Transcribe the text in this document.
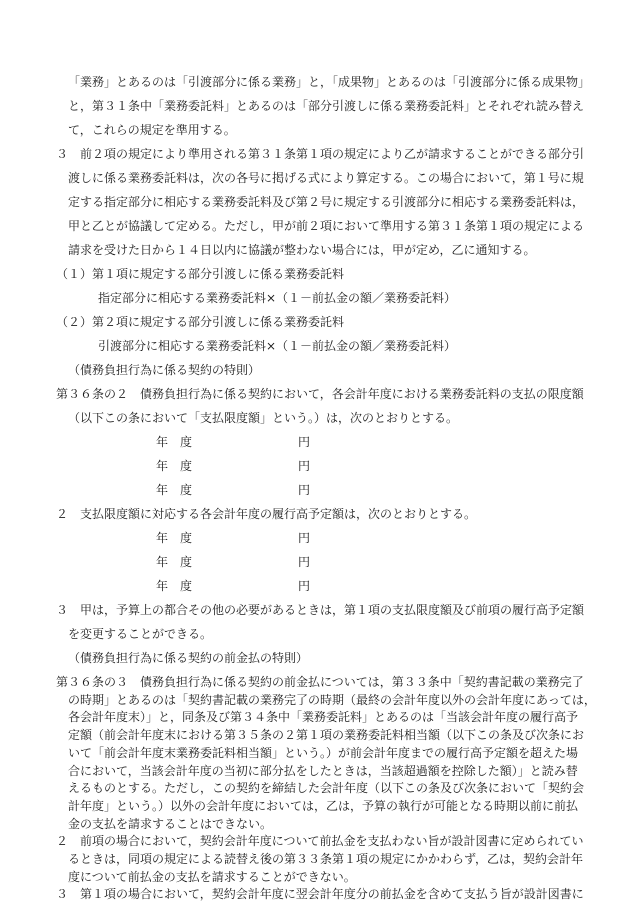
「業務」とあるのは「引渡部分に係る業務」と，「成果物」とあるのは「引渡部分に係る成果物」
と，第３１条中「業務委託料」とあるのは「部分引渡しに係る業務委託料」とそれぞれ読み替え
て，これらの規定を準用する。
３　前２項の規定により準用される第３１条第１項の規定により乙が請求することができる部分引
渡しに係る業務委託料は，次の各号に掲げる式により算定する。この場合において，第１号に規
定する指定部分に相応する業務委託料及び第２号に規定する引渡部分に相応する業務委託料は，
甲と乙とが協議して定める。ただし，甲が前２項において準用する第３１条第１項の規定による
請求を受けた日から１４日以内に協議が整わない場合には，甲が定め，乙に通知する。
（１）第１項に規定する部分引渡しに係る業務委託料
指定部分に相応する業務委託料×（１－前払金の額／業務委託料）
（２）第２項に規定する部分引渡しに係る業務委託料
引渡部分に相応する業務委託料×（１－前払金の額／業務委託料）
（債務負担行為に係る契約の特則）
第３６条の２　債務負担行為に係る契約において，各会計年度における業務委託料の支払の限度額
（以下この条において「支払限度額」という。）は，次のとおりとする。
年　度	円
年　度	円
年　度	円
２　支払限度額に対応する各会計年度の履行高予定額は，次のとおりとする。
年　度	円
年　度	円
年　度	円
３　甲は，予算上の都合その他の必要があるときは，第１項の支払限度額及び前項の履行高予定額
を変更することができる。
（債務負担行為に係る契約の前金払の特則）
第３６条の３　債務負担行為に係る契約の前金払については，第３３条中「契約書記載の業務完了
の時期」とあるのは「契約書記載の業務完了の時期（最終の会計年度以外の会計年度にあっては，
各会計年度末）」と，同条及び第３４条中「業務委託料」とあるのは「当該会計年度の履行高予
定額（前会計年度末における第３５条の２第１項の業務委託料相当額（以下この条及び次条にお
いて「前会計年度末業務委託料相当額」という。）が前会計年度までの履行高予定額を超えた場
合において，当該会計年度の当初に部分払をしたときは，当該超過額を控除した額）」と読み替
えるものとする。ただし，この契約を締結した会計年度（以下この条及び次条において「契約会
計年度」という。）以外の会計年度においては，乙は，予算の執行が可能となる時期以前に前払
金の支払を請求することはできない。
２　前項の場合において，契約会計年度について前払金を支払わない旨が設計図書に定められてい
るときは，同項の規定による読替え後の第３３条第１項の規定にかかわらず，乙は，契約会計年
度について前払金の支払を請求することができない。
３　第１項の場合において，契約会計年度に翌会計年度分の前払金を含めて支払う旨が設計図書に
